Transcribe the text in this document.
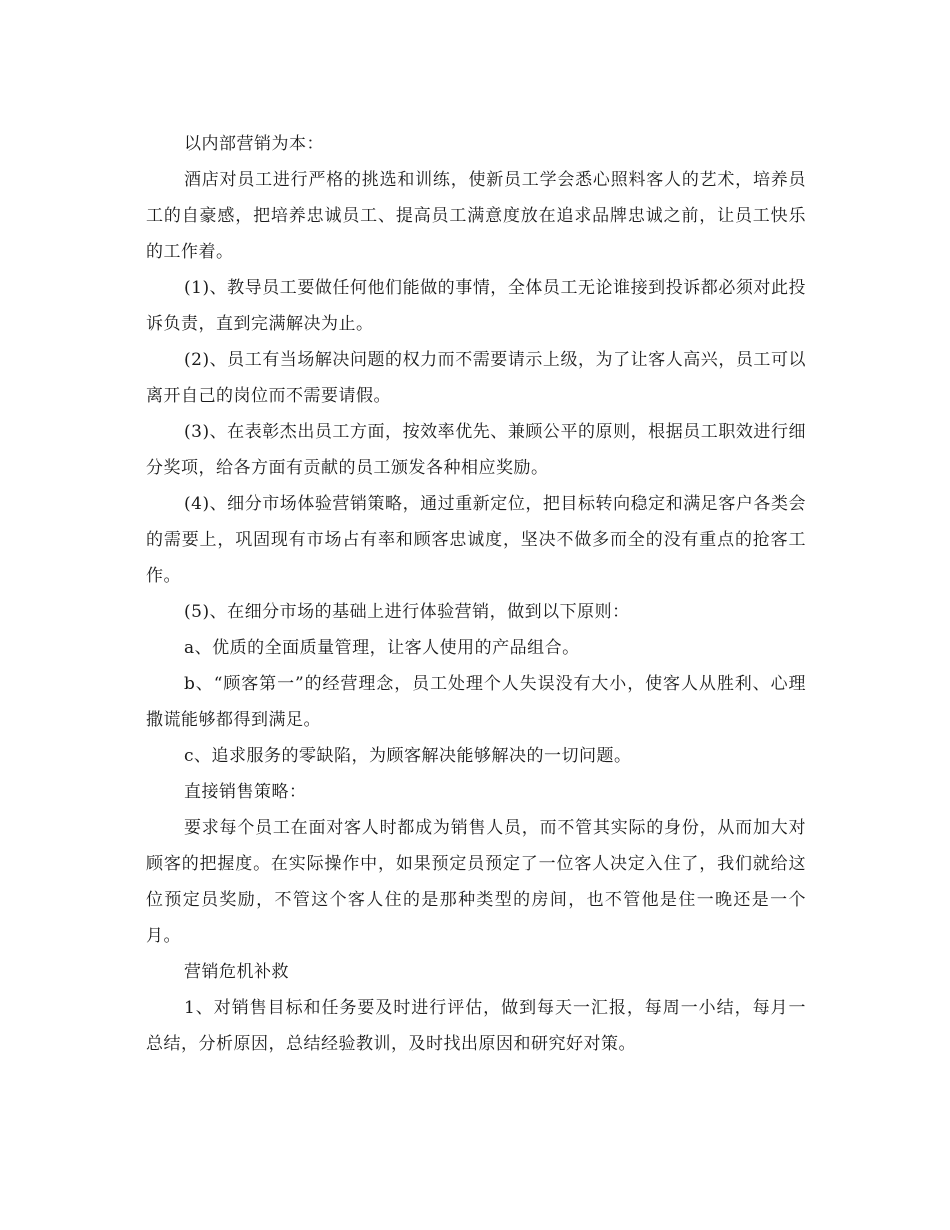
以内部营销为本：

酒店对员工进行严格的挑选和训练，使新员工学会悉心照料客人的艺术，培养员工的自豪感，把培养忠诚员工、提高员工满意度放在追求品牌忠诚之前，让员工快乐的工作着。

(1)、教导员工要做任何他们能做的事情，全体员工无论谁接到投诉都必须对此投诉负责，直到完满解决为止。

(2)、员工有当场解决问题的权力而不需要请示上级，为了让客人高兴，员工可以离开自己的岗位而不需要请假。

(3)、在表彰杰出员工方面，按效率优先、兼顾公平的原则，根据员工职效进行细分奖项，给各方面有贡献的员工颁发各种相应奖励。

(4)、细分市场体验营销策略，通过重新定位，把目标转向稳定和满足客户各类会的需要上，巩固现有市场占有率和顾客忠诚度，坚决不做多而全的没有重点的抢客工作。

(5)、在细分市场的基础上进行体验营销，做到以下原则：

a、优质的全面质量管理，让客人使用的产品组合。

b、“顾客第一”的经营理念，员工处理个人失误没有大小，使客人从胜利、心理撒谎能够都得到满足。

c、追求服务的零缺陷，为顾客解决能够解决的一切问题。

直接销售策略：

要求每个员工在面对客人时都成为销售人员，而不管其实际的身份，从而加大对顾客的把握度。在实际操作中，如果预定员预定了一位客人决定入住了，我们就给这位预定员奖励，不管这个客人住的是那种类型的房间，也不管他是住一晚还是一个月。

营销危机补救

1、对销售目标和任务要及时进行评估，做到每天一汇报，每周一小结，每月一总结，分析原因，总结经验教训，及时找出原因和研究好对策。
